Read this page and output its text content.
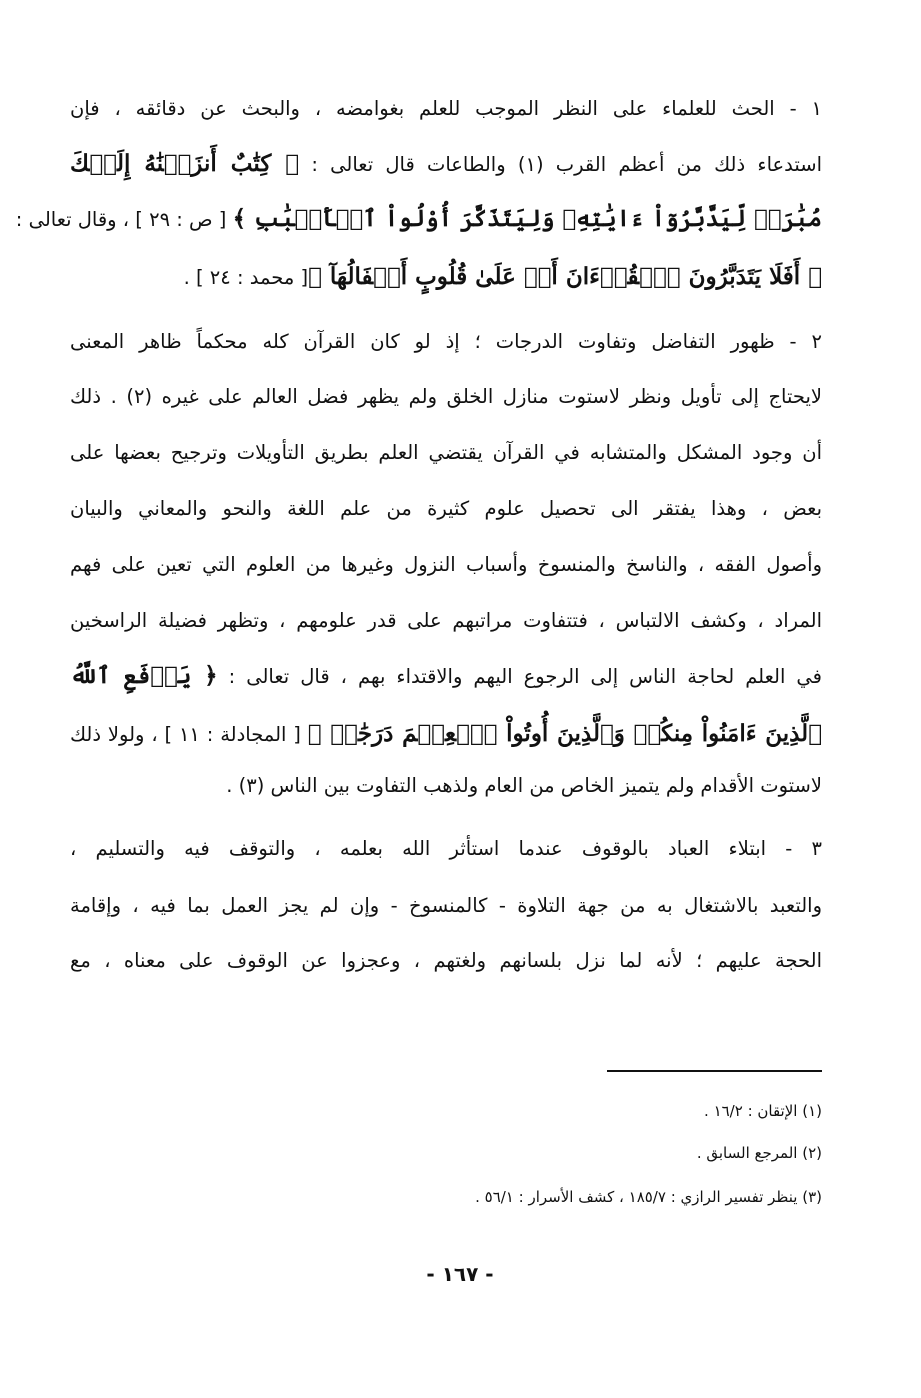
١ - الحث للعلماء على النظر الموجب للعلم بغوامضه ، والبحث عن دقائقه ، فإن
استدعاء ذلك من أعظم القرب (١) والطاعات قال تعالى : ﴿ كِتَٰبٌ أَنزَلۡنَٰهُ إِلَيۡكَ
مُبَٰرَكٞ لِّيَدَّبَّرُوٓاْ ءَايَٰتِهِۦ وَلِيَتَذَكَّرَ أُوْلُواْ ٱلۡأَلۡبَٰبِ ﴾ [ ص : ٢٩ ] ، وقال تعالى :
﴿ أَفَلَا يَتَدَبَّرُونَ ٱلۡقُرۡءَانَ أَمۡ عَلَىٰ قُلُوبٍ أَقۡفَالُهَآ ﴾[ محمد : ٢٤ ] .
٢ - ظهور التفاضل وتفاوت الدرجات ؛ إذ لو كان القرآن كله محكماً ظاهر المعنى
لايحتاج إلى تأويل ونظر لاستوت منازل الخلق ولم يظهر فضل العالم على غيره (٢) . ذلك
أن وجود المشكل والمتشابه في القرآن يقتضي العلم بطريق التأويلات وترجيح بعضها على
بعض ، وهذا يفتقر الى تحصيل علوم كثيرة من علم اللغة والنحو والمعاني والبيان
وأصول الفقه ، والناسخ والمنسوخ وأسباب النزول وغيرها من العلوم التي تعين على فهم
المراد ، وكشف الالتباس ، فتتفاوت مراتبهم على قدر علومهم ، وتظهر فضيلة الراسخين
في العلم لحاجة الناس إلى الرجوع اليهم والاقتداء بهم ، قال تعالى : ﴿ يَرۡفَعِ ٱللَّهُ
ٱلَّذِينَ ءَامَنُواْ مِنكُمۡ وَٱلَّذِينَ أُوتُواْ ٱلۡعِلۡمَ دَرَجَٰتٖ ﴾ [ المجادلة : ١١ ] ، ولولا ذلك
لاستوت الأقدام ولم يتميز الخاص من العام ولذهب التفاوت بين الناس (٣) .
٣ - ابتلاء العباد بالوقوف عندما استأثر الله بعلمه ، والتوقف فيه والتسليم ،
والتعبد بالاشتغال به من جهة التلاوة - كالمنسوخ - وإن لم يجز العمل بما فيه ، وإقامة
الحجة عليهم ؛ لأنه لما نزل بلسانهم ولغتهم ، وعجزوا عن الوقوف على معناه ، مع
(١) الإتقان : ١٦/٢ .
(٢) المرجع السابق .
(٣) ينظر تفسير الرازي : ١٨٥/٧ ، كشف الأسرار : ٥٦/١ .
- ١٦٧ -
